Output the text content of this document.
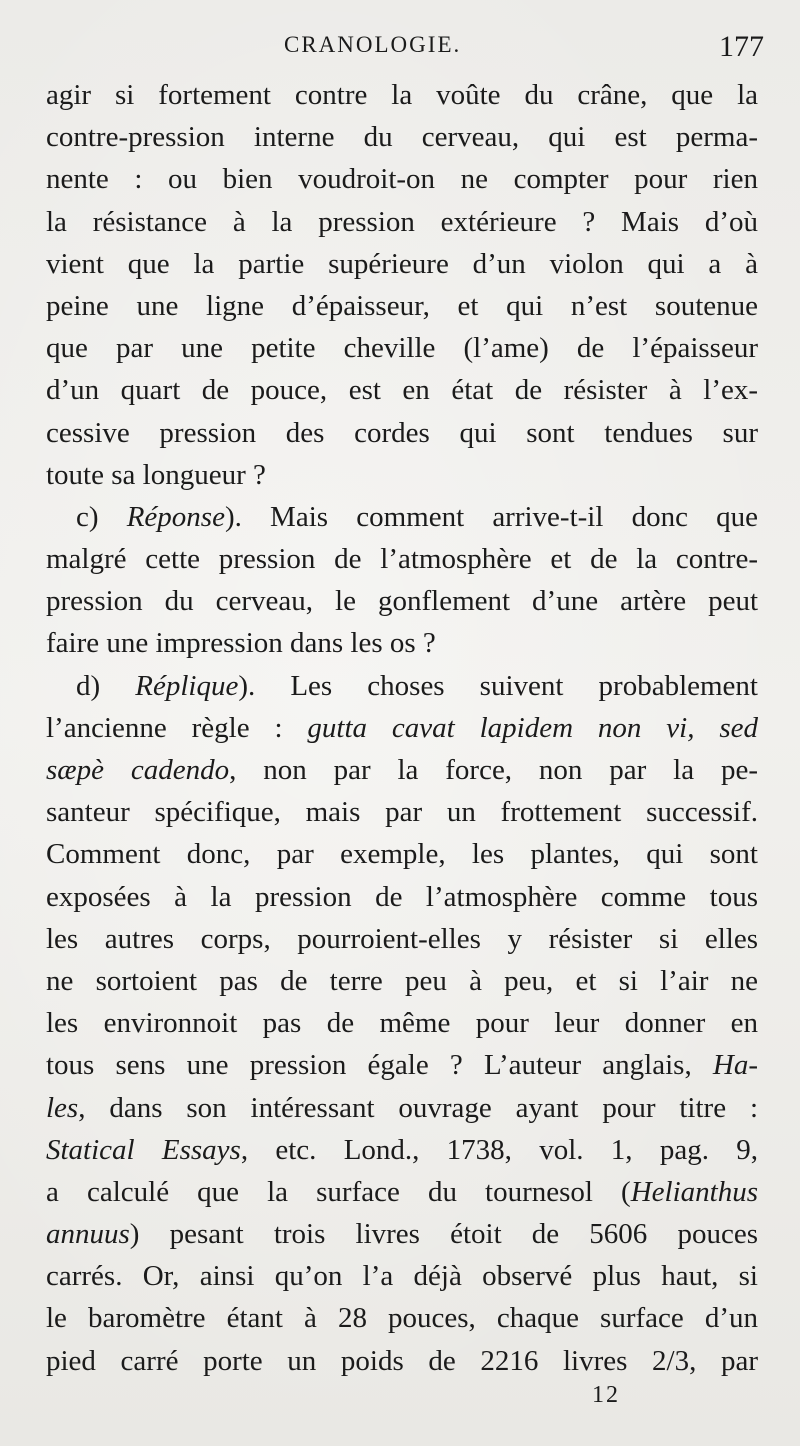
CRANOLOGIE.	177
agir si fortement contre la voûte du crâne, que la
contre-pression interne du cerveau, qui est perma-
nente : ou bien voudroit-on ne compter pour rien
la résistance à la pression extérieure ? Mais d’où
vient que la partie supérieure d’un violon qui a à
peine une ligne d’épaisseur, et qui n’est soutenue
que par une petite cheville (l’ame) de l’épaisseur
d’un quart de pouce, est en état de résister à l’ex-
cessive pression des cordes qui sont tendues sur
toute sa longueur ?
c) Réponse). Mais comment arrive-t-il donc que
malgré cette pression de l’atmosphère et de la contre-
pression du cerveau, le gonflement d’une artère peut
faire une impression dans les os ?
d) Réplique). Les choses suivent probablement
l’ancienne règle : gutta cavat lapidem non vi, sed
sæpè cadendo, non par la force, non par la pe-
santeur spécifique, mais par un frottement successif.
Comment donc, par exemple, les plantes, qui sont
exposées à la pression de l’atmosphère comme tous
les autres corps, pourroient-elles y résister si elles
ne sortoient pas de terre peu à peu, et si l’air ne
les environnoit pas de même pour leur donner en
tous sens une pression égale ? L’auteur anglais, Ha-
les, dans son intéressant ouvrage ayant pour titre :
Statical Essays, etc. Lond., 1738, vol. 1, pag. 9,
a calculé que la surface du tournesol (Helianthus
annuus) pesant trois livres étoit de 5606 pouces
carrés. Or, ainsi qu’on l’a déjà observé plus haut, si
le baromètre étant à 28 pouces, chaque surface d’un
pied carré porte un poids de 2216 livres 2/3, par
12
